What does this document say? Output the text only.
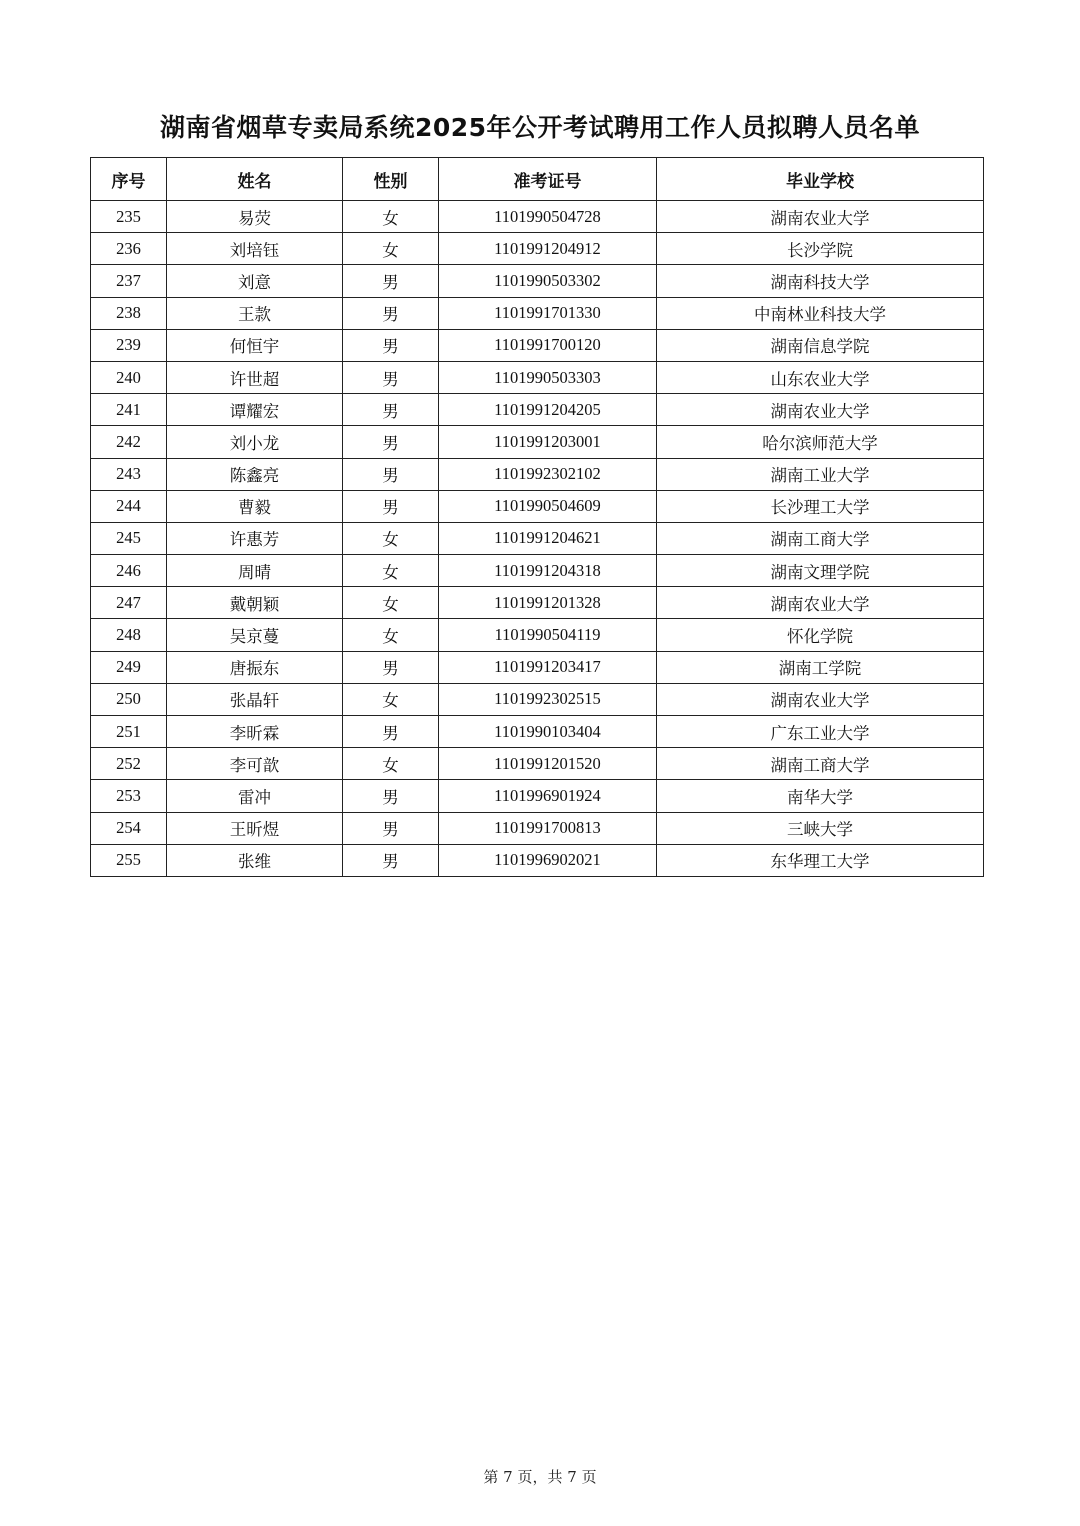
湖南省烟草专卖局系统2025年公开考试聘用工作人员拟聘人员名单
序号	姓名	性别	准考证号	毕业学校
235	易荧	女	1101990504728	湖南农业大学
236	刘培钰	女	1101991204912	长沙学院
237	刘意	男	1101990503302	湖南科技大学
238	王款	男	1101991701330	中南林业科技大学
239	何恒宇	男	1101991700120	湖南信息学院
240	许世超	男	1101990503303	山东农业大学
241	谭耀宏	男	1101991204205	湖南农业大学
242	刘小龙	男	1101991203001	哈尔滨师范大学
243	陈鑫亮	男	1101992302102	湖南工业大学
244	曹毅	男	1101990504609	长沙理工大学
245	许惠芳	女	1101991204621	湖南工商大学
246	周晴	女	1101991204318	湖南文理学院
247	戴朝颖	女	1101991201328	湖南农业大学
248	吴京蔓	女	1101990504119	怀化学院
249	唐振东	男	1101991203417	湖南工学院
250	张晶轩	女	1101992302515	湖南农业大学
251	李昕霖	男	1101990103404	广东工业大学
252	李可歆	女	1101991201520	湖南工商大学
253	雷冲	男	1101996901924	南华大学
254	王昕煜	男	1101991700813	三峡大学
255	张维	男	1101996902021	东华理工大学
第 7 页，共 7 页
